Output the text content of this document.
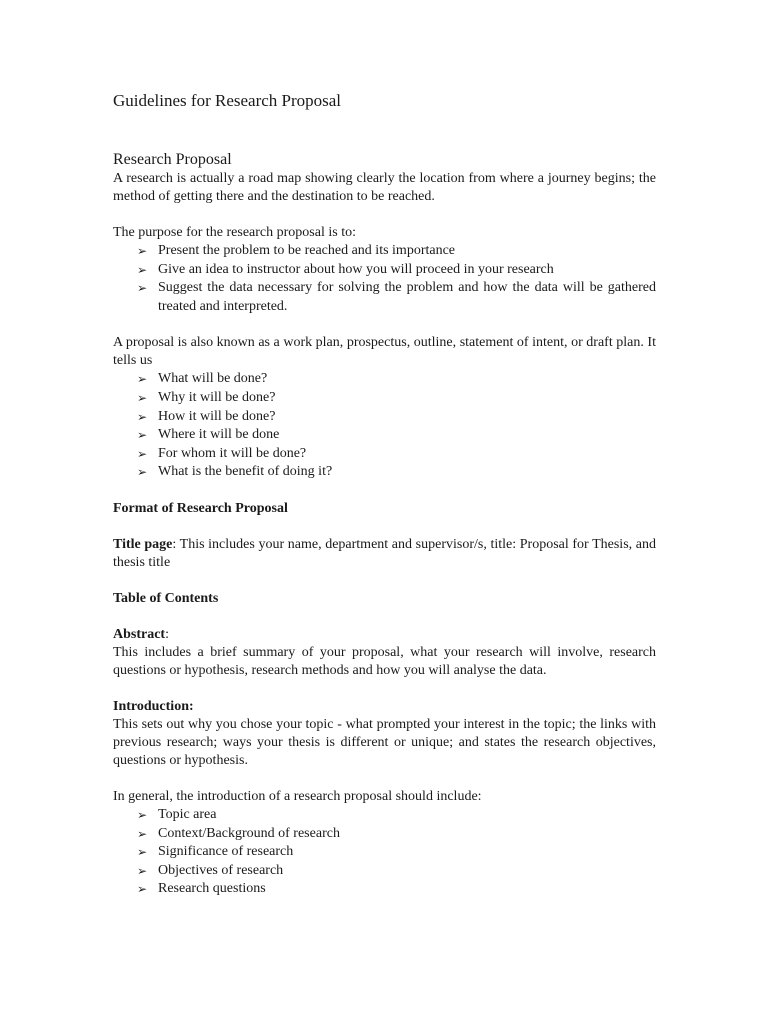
Guidelines for Research Proposal
Research Proposal

A research is actually a road map showing clearly the location from where a journey begins; the method of getting there and the destination to be reached.

The purpose for the research proposal is to:

➢ Present the problem to be reached and its importance
➢ Give an idea to instructor about how you will proceed in your research
➢ Suggest the data necessary for solving the problem and how the data will be gathered treated and interpreted.

A proposal is also known as a work plan, prospectus, outline, statement of intent, or draft plan. It tells us

➢ What will be done?
➢ Why it will be done?
➢ How it will be done?
➢ Where it will be done
➢ For whom it will be done?
➢ What is the benefit of doing it?

Format of Research Proposal

Title page: This includes your name, department and supervisor/s, title: Proposal for Thesis, and thesis title

Table of Contents

Abstract:

This includes a brief summary of your proposal, what your research will involve, research questions or hypothesis, research methods and how you will analyse the data.

Introduction:

This sets out why you chose your topic - what prompted your interest in the topic; the links with previous research; ways your thesis is different or unique; and states the research objectives, questions or hypothesis.

In general, the introduction of a research proposal should include:

➢ Topic area
➢ Context/Background of research
➢ Significance of research
➢ Objectives of research
➢ Research questions
